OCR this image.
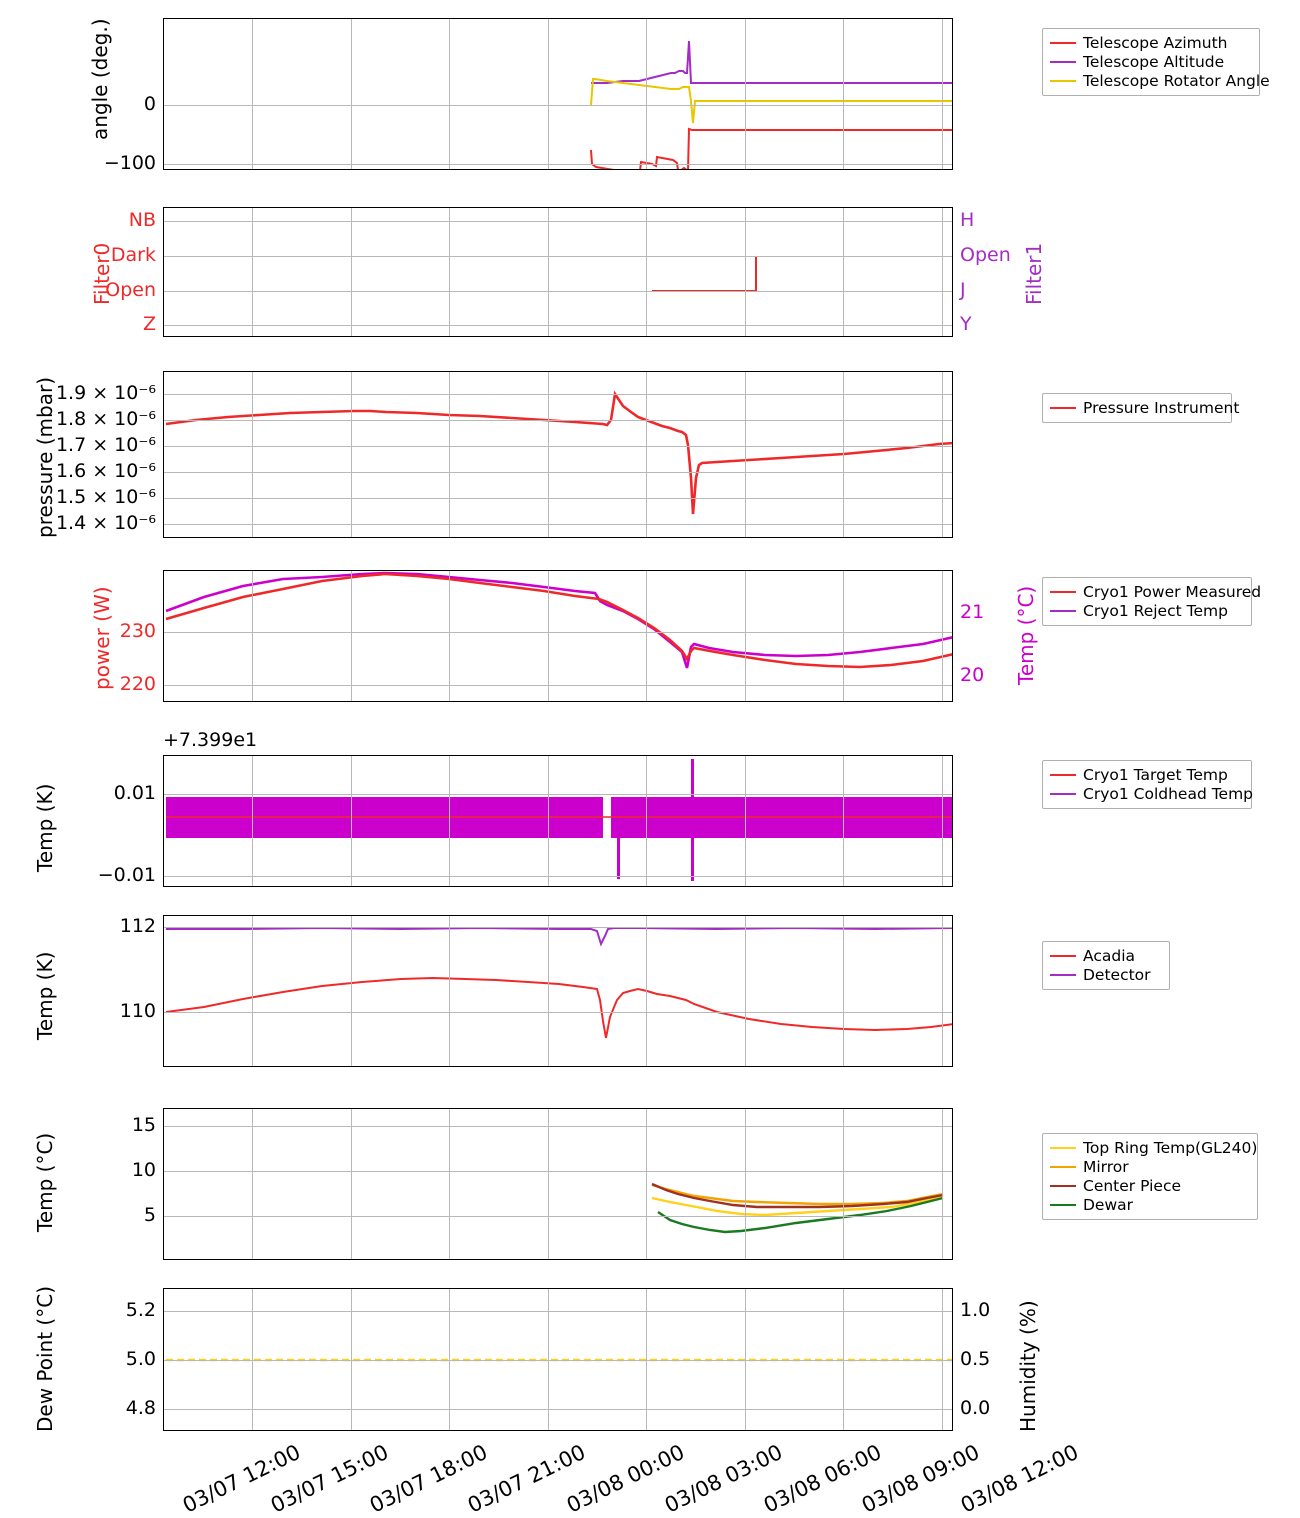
angle (deg.)	0
−100
Telescope Azimuth
Telescope Altitude
Telescope Rotator Angle
Filter0
NB
Dark
Open
Z
Filter1
H
Open
J
Y
pressure (mbar)
1.9 × 10⁻⁶
1.8 × 10⁻⁶
1.7 × 10⁻⁶
1.6 × 10⁻⁶
1.5 × 10⁻⁶
1.4 × 10⁻⁶
Pressure Instrument
power (W) 230
220	Temp (°C)
21
20
Cryo1 Power Measured
Cryo1 Reject Temp
+7.399e1
Temp (K)	0.01
−0.01
Cryo1 Target Temp
Cryo1 Coldhead Temp
Temp (K)
112
110
Acadia
Detector
Temp (°C)
15
10
5
Top Ring Temp(GL240)
Mirror
Center Piece
Dewar
Dew Point (°C)	5.2
5.0
4.8	Humidity (%)
1.0
0.5
0.0
03/07 12:00
03/07 15:00
03/07 18:00
03/07 21:00
03/08 00:00
03/08 03:00
03/08 06:00
03/08 09:00
03/08 12:00
